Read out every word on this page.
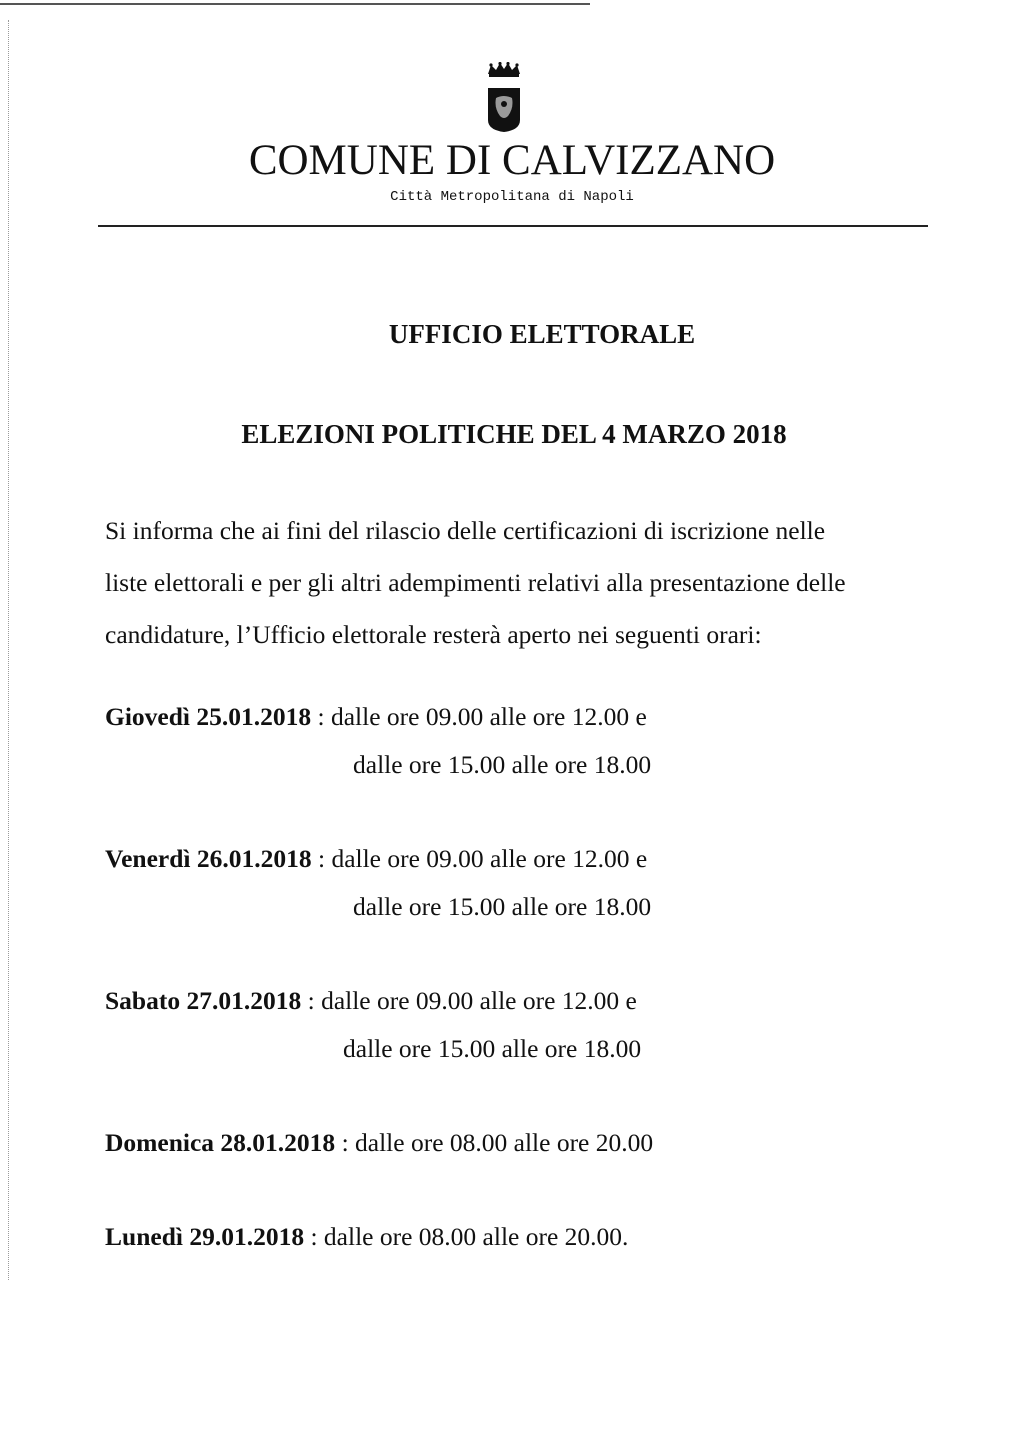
COMUNE DI CALVIZZANO
Città Metropolitana di Napoli
UFFICIO ELETTORALE
ELEZIONI POLITICHE DEL 4 MARZO 2018
Si informa che ai fini del rilascio delle certificazioni di iscrizione nelle
liste elettorali e per gli altri adempimenti relativi alla presentazione delle
candidature, l’Ufficio elettorale resterà aperto nei seguenti orari:
Giovedì 25.01.2018 : dalle ore 09.00 alle ore 12.00 e
dalle ore 15.00 alle ore 18.00
Venerdì 26.01.2018 : dalle ore 09.00 alle ore 12.00 e
dalle ore 15.00 alle ore 18.00
Sabato 27.01.2018 : dalle ore 09.00 alle ore 12.00 e
dalle ore 15.00 alle ore 18.00
Domenica 28.01.2018 : dalle ore 08.00 alle ore 20.00
Lunedì 29.01.2018 : dalle ore 08.00 alle ore 20.00.
